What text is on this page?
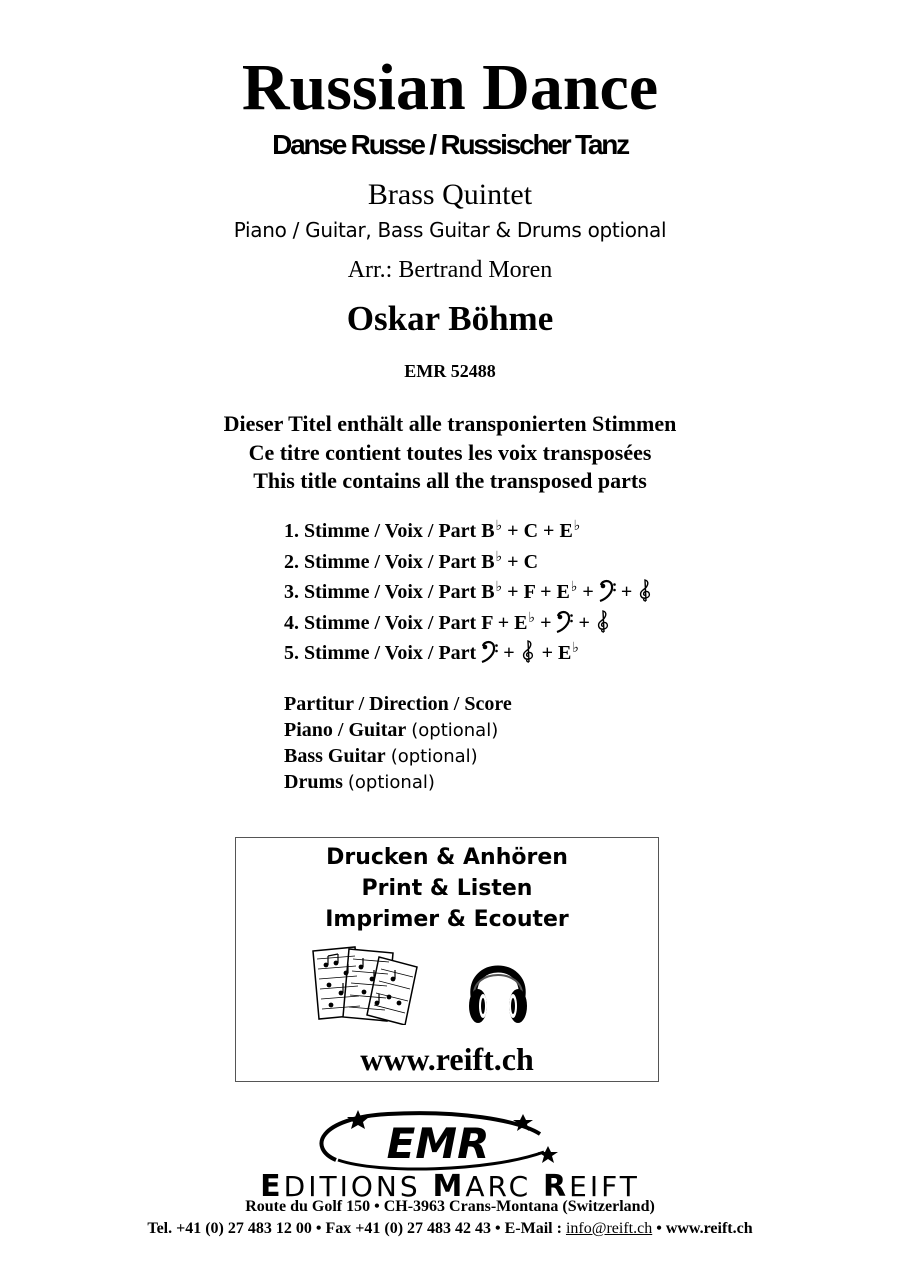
Russian Dance
Danse Russe / Russischer Tanz
Brass Quintet
Piano / Guitar, Bass Guitar & Drums optional
Arr.: Bertrand Moren
Oskar Böhme
EMR 52488
Dieser Titel enthält alle transponierten Stimmen
Ce titre contient toutes les voix transposées
This title contains all the transposed parts
1. Stimme / Voix / Part B♭ + C + E♭
2. Stimme / Voix / Part B♭ + C
3. Stimme / Voix / Part B♭ + F + E♭ + +
4. Stimme / Voix / Part F + E♭ + +
5. Stimme / Voix / Part + + E♭
Partitur / Direction / Score
Piano / Guitar (optional)
Bass Guitar (optional)
Drums (optional)
Drucken & Anhören
Print & Listen
Imprimer & Ecouter
www.reift.ch
EMR
EDITIONS MARC REIFT
Route du Golf 150 • CH-3963 Crans-Montana (Switzerland)
Tel. +41 (0) 27 483 12 00 • Fax +41 (0) 27 483 42 43 • E-Mail : info@reift.ch • www.reift.ch
